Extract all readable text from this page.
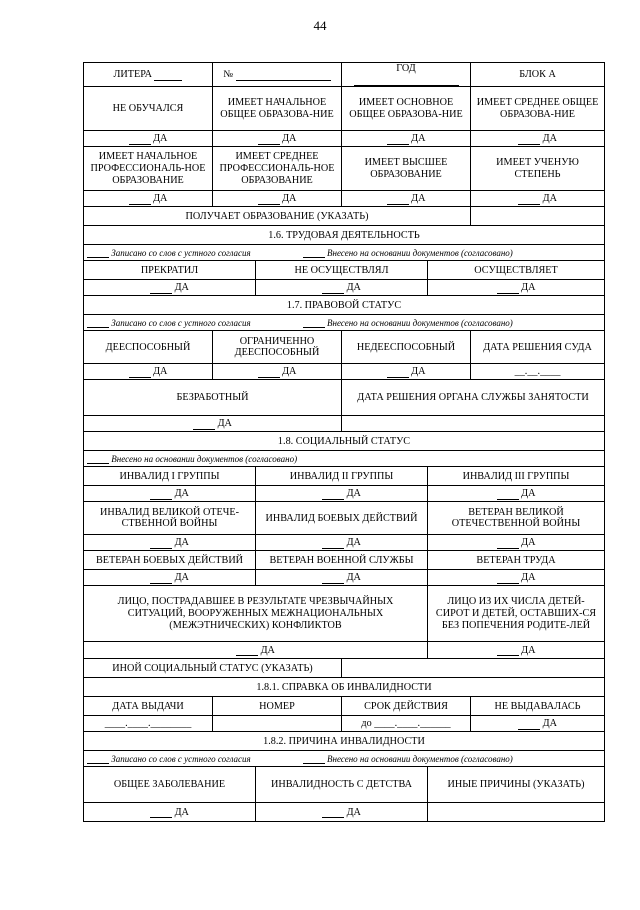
44
ЛИТЕРА	№		ГОД		БЛОК А
НЕ ОБУЧАЛСЯ	ИМЕЕТ НАЧАЛЬНОЕ ОБЩЕЕ ОБРАЗОВА-НИЕ		ИМЕЕТ ОСНОВНОЕ ОБЩЕЕ ОБРАЗОВА-НИЕ		ИМЕЕТ СРЕДНЕЕ ОБЩЕЕ ОБРАЗОВА-НИЕ
ДА	ДА		ДА		ДА
ИМЕЕТ НАЧАЛЬНОЕ ПРОФЕССИОНАЛЬ-НОЕ ОБРАЗОВАНИЕ	ИМЕЕТ СРЕДНЕЕ ПРОФЕССИОНАЛЬ-НОЕ ОБРАЗОВАНИЕ		ИМЕЕТ ВЫСШЕЕ ОБРАЗОВАНИЕ		ИМЕЕТ УЧЕНУЮ СТЕПЕНЬ
ДА	ДА		ДА		ДА
ПОЛУЧАЕТ ОБРАЗОВАНИЕ (УКАЗАТЬ)					
1.6. ТРУДОВАЯ ДЕЯТЕЛЬНОСТЬ					
Записано со слов с устного согласия Внесено на основании документов (согласовано)					
ПРЕКРАТИЛ		НЕ ОСУЩЕСТВЛЯЛ		ОСУЩЕСТВЛЯЕТ	
ДА		ДА		ДА	
1.7. ПРАВОВОЙ СТАТУС					
Записано со слов с устного согласия Внесено на основании документов (согласовано)					
ДЕЕСПОСОБНЫЙ	ОГРАНИЧЕННО ДЕЕСПОСОБНЫЙ		НЕДЕЕСПОСОБНЫЙ		ДАТА РЕШЕНИЯ СУДА
ДА	ДА		ДА		__.__.____
БЕЗРАБОТНЫЙ			ДАТА РЕШЕНИЯ ОРГАНА СЛУЖБЫ ЗАНЯТОСТИ		
ДА					
1.8. СОЦИАЛЬНЫЙ СТАТУС					
Внесено на основании документов (согласовано)					
ИНВАЛИД I ГРУППЫ		ИНВАЛИД II ГРУППЫ		ИНВАЛИД III ГРУППЫ	
ДА		ДА		ДА	
ИНВАЛИД ВЕЛИКОЙ ОТЕЧЕ-СТВЕННОЙ ВОЙНЫ		ИНВАЛИД БОЕВЫХ ДЕЙСТВИЙ		ВЕТЕРАН ВЕЛИКОЙ ОТЕЧЕСТВЕННОЙ ВОЙНЫ	
ДА		ДА		ДА	
ВЕТЕРАН БОЕВЫХ ДЕЙСТВИЙ		ВЕТЕРАН ВОЕННОЙ СЛУЖБЫ		ВЕТЕРАН ТРУДА	
ДА		ДА		ДА	
ЛИЦО, ПОСТРАДАВШЕЕ В РЕЗУЛЬТАТЕ ЧРЕЗВЫЧАЙНЫХ СИТУАЦИЙ, ВООРУЖЕННЫХ МЕЖНАЦИОНАЛЬНЫХ (МЕЖЭТНИЧЕСКИХ) КОНФЛИКТОВ				ЛИЦО ИЗ ИХ ЧИСЛА ДЕТЕЙ-СИРОТ И ДЕТЕЙ, ОСТАВШИХ-СЯ БЕЗ ПОПЕЧЕНИЯ РОДИТЕ-ЛЕЙ	
ДА				ДА	
ИНОЙ СОЦИАЛЬНЫЙ СТАТУС (УКАЗАТЬ)					
1.8.1. СПРАВКА ОБ ИНВАЛИДНОСТИ					
ДАТА ВЫДАЧИ	НОМЕР		СРОК ДЕЙСТВИЯ		НЕ ВЫДАВАЛАСЬ
____.____.________			до ____.____.______		ДА
1.8.2. ПРИЧИНА ИНВАЛИДНОСТИ					
Записано со слов с устного согласия Внесено на основании документов (согласовано)					
ОБЩЕЕ ЗАБОЛЕВАНИЕ		ИНВАЛИДНОСТЬ С ДЕТСТВА		ИНЫЕ ПРИЧИНЫ (УКАЗАТЬ)	
ДА		ДА			
